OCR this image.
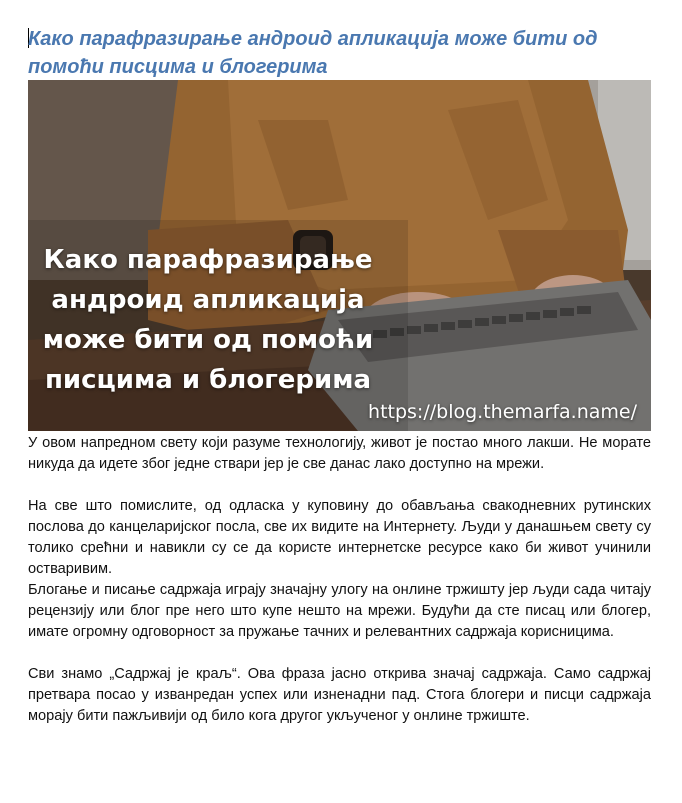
Како парафразирање андроид апликација може бити од помоћи писцима и блогерима
Како парафразирање
андроид апликација
може бити од помоћи
писцима и блогерима
https://blog.themarfa.name/

У овом напредном свету који разуме технологију, живот је постао много лакши. Не морате никуда да идете због једне ствари јер је све данас лако доступно на мрежи.

На све што помислите, од одласка у куповину до обављања свакодневних рутинских послова до канцеларијског посла, све их видите на Интернету. Људи у данашњем свету су толико срећни и навикли су се да користе интернетске ресурсе како би живот учинили остваривим.

Блогање и писање садржаја играју значајну улогу на онлине тржишту јер људи сада читају рецензију или блог пре него што купе нешто на мрежи. Будући да сте писац или блогер, имате огромну одговорност за пружање тачних и релевантних садржаја корисницима.

Сви знамо „Садржај је краљ“. Ова фраза јасно открива значај садржаја. Само садржај претвара посао у изванредан успех или изненадни пад. Стога блогери и писци садржаја морају бити пажљивији од било кога другог укљученог у онлине тржиште.
